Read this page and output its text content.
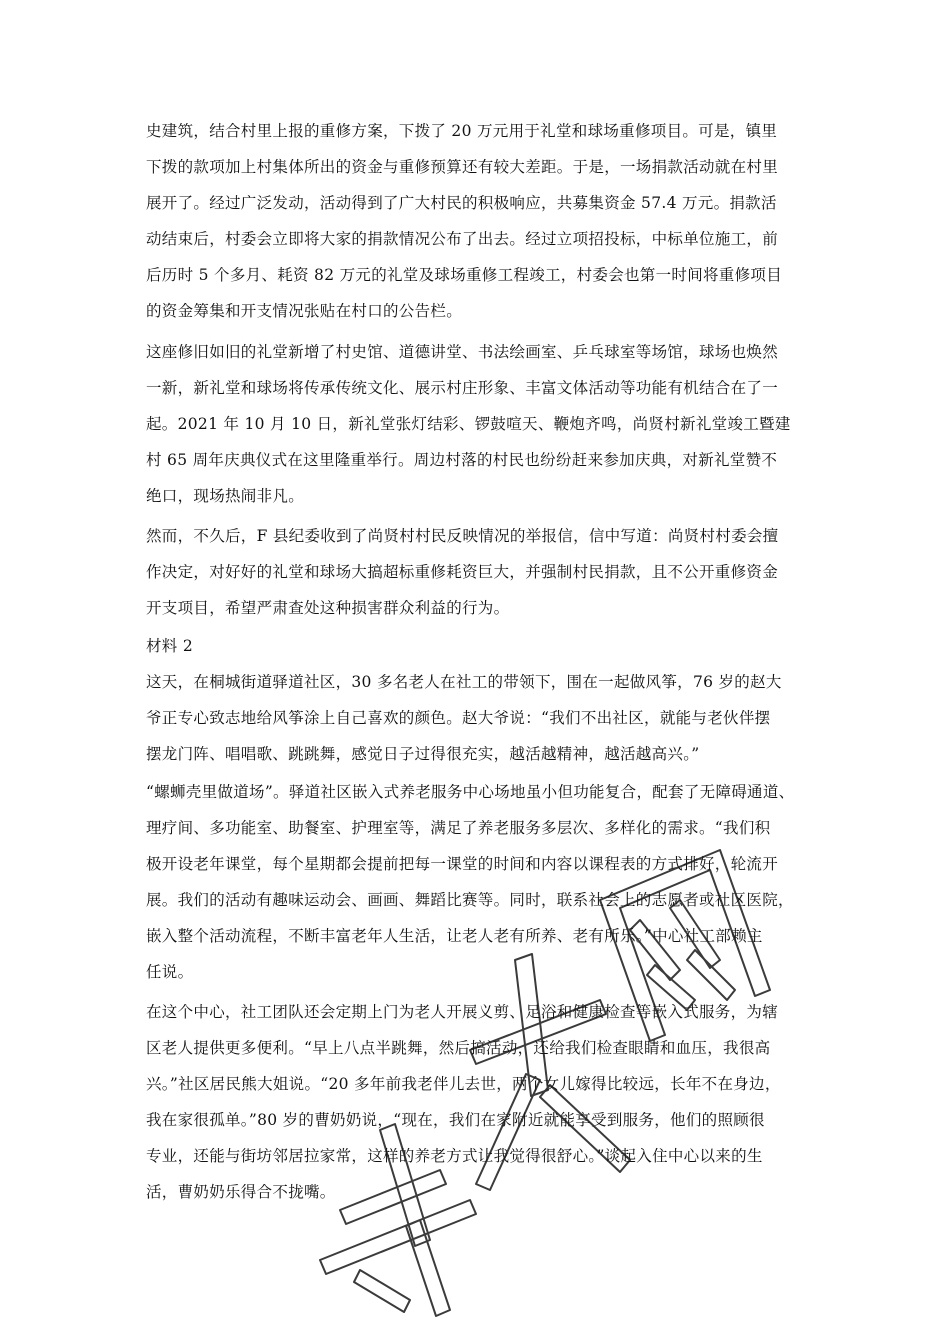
史建筑，结合村里上报的重修方案，下拨了 20 万元用于礼堂和球场重修项目。可是，镇里
下拨的款项加上村集体所出的资金与重修预算还有较大差距。于是，一场捐款活动就在村里
展开了。经过广泛发动，活动得到了广大村民的积极响应，共募集资金 57.4 万元。捐款活
动结束后，村委会立即将大家的捐款情况公布了出去。经过立项招投标，中标单位施工，前
后历时 5 个多月、耗资 82 万元的礼堂及球场重修工程竣工，村委会也第一时间将重修项目
的资金筹集和开支情况张贴在村口的公告栏。
这座修旧如旧的礼堂新增了村史馆、道德讲堂、书法绘画室、乒乓球室等场馆，球场也焕然
一新，新礼堂和球场将传承传统文化、展示村庄形象、丰富文体活动等功能有机结合在了一
起。2021 年 10 月 10 日，新礼堂张灯结彩、锣鼓喧天、鞭炮齐鸣，尚贤村新礼堂竣工暨建
村 65 周年庆典仪式在这里隆重举行。周边村落的村民也纷纷赶来参加庆典，对新礼堂赞不
绝口，现场热闹非凡。
然而，不久后，F 县纪委收到了尚贤村村民反映情况的举报信，信中写道：尚贤村村委会擅
作决定，对好好的礼堂和球场大搞超标重修耗资巨大，并强制村民捐款，且不公开重修资金
开支项目，希望严肃查处这种损害群众利益的行为。
材料 2
这天，在桐城街道驿道社区，30 多名老人在社工的带领下，围在一起做风筝，76 岁的赵大
爷正专心致志地给风筝涂上自己喜欢的颜色。赵大爷说：“我们不出社区，就能与老伙伴摆
摆龙门阵、唱唱歌、跳跳舞，感觉日子过得很充实，越活越精神，越活越高兴。”
“螺蛳壳里做道场”。驿道社区嵌入式养老服务中心场地虽小但功能复合，配套了无障碍通道、
理疗间、多功能室、助餐室、护理室等，满足了养老服务多层次、多样化的需求。“我们积
极开设老年课堂，每个星期都会提前把每一课堂的时间和内容以课程表的方式排好，轮流开
展。我们的活动有趣味运动会、画画、舞蹈比赛等。同时，联系社会上的志愿者或社区医院，
嵌入整个活动流程，不断丰富老年人生活，让老人老有所养、老有所乐。”中心社工部赖主
任说。
在这个中心，社工团队还会定期上门为老人开展义剪、足浴和健康检查等嵌入式服务，为辖
区老人提供更多便利。“早上八点半跳舞，然后搞活动，还给我们检查眼睛和血压，我很高
兴。”社区居民熊大姐说。“20 多年前我老伴儿去世，两个女儿嫁得比较远，长年不在身边，
我在家很孤单。”80 岁的曹奶奶说，“现在，我们在家附近就能享受到服务，他们的照顾很
专业，还能与街坊邻居拉家常，这样的养老方式让我觉得很舒心。”谈起入住中心以来的生
活，曹奶奶乐得合不拢嘴。
